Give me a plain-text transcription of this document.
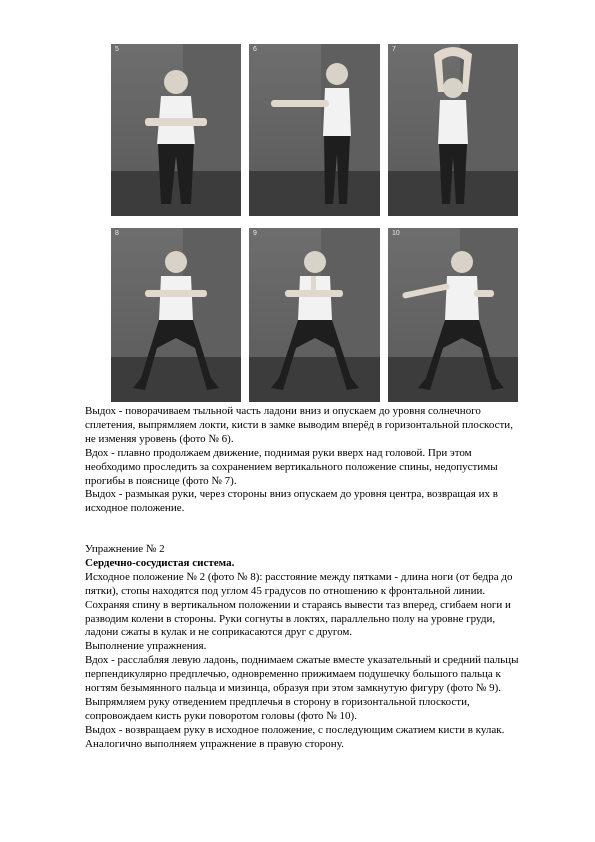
5	6	7
8	9	10

Выдох - поворачиваем тыльной часть ладони вниз и опускаем до уровня солнечного

сплетения, выпрямляем локти, кисти в замке выводим вперёд в горизонтальной плоскости,

не изменяя уровень (фото № 6).

Вдох - плавно продолжаем движение, поднимая руки вверх над головой. При этом

необходимо проследить за сохранением вертикального положение спины, недопустимы

прогибы в пояснице (фото № 7).

Выдох - размыкая руки, через стороны вниз опускаем до уровня центра, возвращая их в

исходное положение.

Упражнение № 2

Сердечно-сосудистая система.

Исходное положение № 2 (фото № 8): расстояние между пятками - длина ноги (от бедра до

пятки), стопы находятся под углом 45 градусов по отношению к фронтальной линии.

Сохраняя спину в вертикальном положении и стараясь вывести таз вперед, сгибаем ноги и

разводим колени в стороны. Руки согнуты в локтях, параллельно полу на уровне груди,

ладони сжаты в кулак и не соприкасаются друг с другом.

Выполнение упражнения.

Вдох - расслабляя левую ладонь, поднимаем сжатые вместе указательный и средний пальцы

перпендикулярно предплечью, одновременно прижимаем подушечку большого пальца к

ногтям безымянного пальца и мизинца, образуя при этом замкнутую фигуру (фото № 9).

Выпрямляем руку отведением предплечья в сторону в горизонтальной плоскости,

сопровождаем кисть руки поворотом головы (фото № 10).

Выдох - возвращаем руку в исходное положение, с последующим сжатием кисти в кулак.

Аналогично выполняем упражнение в правую сторону.
